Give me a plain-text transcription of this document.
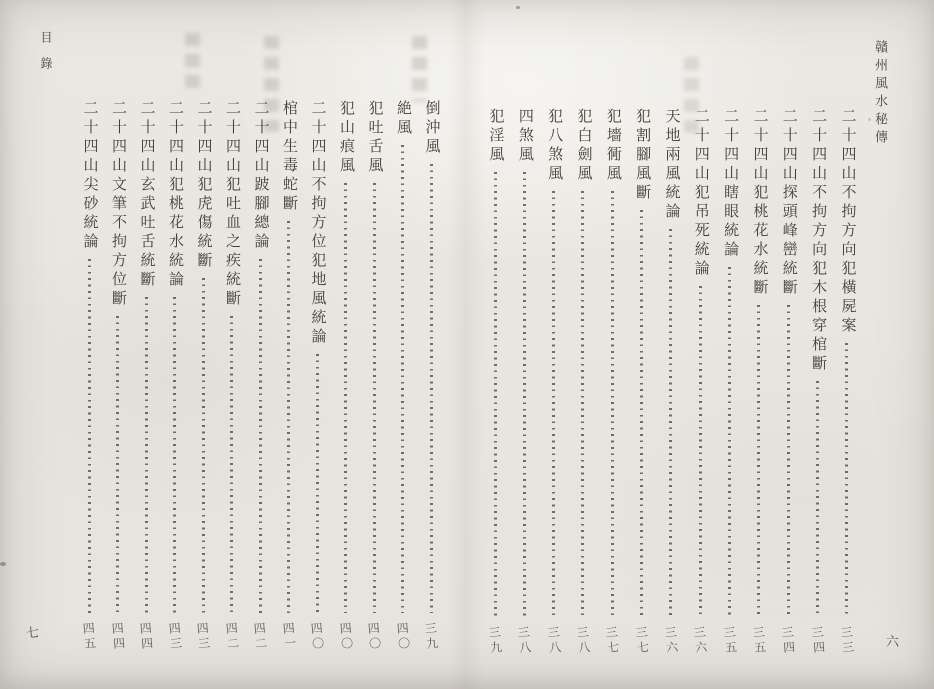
贛州風水秘傳
目錄
二十四山不拘方向犯橫屍案
三三
二十四山不拘方向犯木根穿棺斷
三四
二十四山探頭峰巒統斷
三四
二十四山犯桃花水統斷
三五
二十四山瞎眼統論
三五
二十四山犯吊死統論
三六
天地兩風統論
三六
犯割腳風斷
三七
犯墻衕風
三七
犯白劍風
三八
犯八煞風
三八
四煞風
三八
犯淫風
三九
倒沖風
三九
絶風
四〇
犯吐舌風
四〇
犯山痕風
四〇
二十四山不拘方位犯地風統論
四〇
棺中生毒蛇斷
四一
二十四山跛腳總論
四二
二十四山犯吐血之疾統斷
四二
二十四山犯虎傷統斷
四三
二十四山犯桃花水統論
四三
二十四山玄武吐舌統斷
四四
二十四山文筆不拘方位斷
四四
二十四山尖砂統論
四五	六
七
